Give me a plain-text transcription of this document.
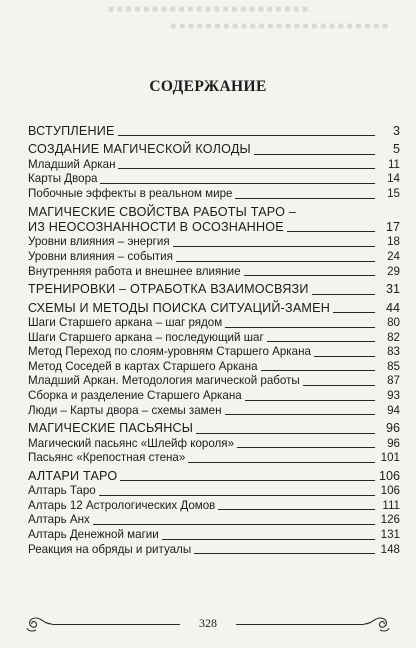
■ ■ ■ ■ ■ ■ ■ ■ ■ ■ ■ ■ ■ ■ ■ ■ ■ ■ ■ ■ ■ ■ ■
■ ■ ■ ■ ■ ■ ■ ■ ■ ■ ■ ■ ■ ■ ■ ■ ■ ■ ■ ■ ■ ■ ■ ■ ■
СОДЕРЖАНИЕ
ВСТУПЛЕНИЕ	3
СОЗДАНИЕ МАГИЧЕСКОЙ КОЛОДЫ	5
Младший Аркан	11
Карты Двора	14
Побочные эффекты в реальном мире	15
МАГИЧЕСКИЕ СВОЙСТВА РАБОТЫ ТАРО –
ИЗ НЕОСОЗНАННОСТИ В ОСОЗНАННОЕ	17
Уровни влияния – энергия	18
Уровни влияния – события	24
Внутренняя работа и внешнее влияние	29
ТРЕНИРОВКИ – ОТРАБОТКА ВЗАИМОСВЯЗИ	31
СХЕМЫ И МЕТОДЫ ПОИСКА СИТУАЦИЙ-ЗАМЕН	44
Шаги Старшего аркана – шаг рядом	80
Шаги Старшего аркана – последующий шаг	82
Метод Переход по слоям-уровням Старшего Аркана	83
Метод Соседей в картах Старшего Аркана	85
Младший Аркан. Методология магической работы	87
Сборка и разделение Старшего Аркана	93
Люди – Карты двора – схемы замен	94
МАГИЧЕСКИЕ ПАСЬЯНСЫ	96
Магический пасьянс «Шлейф короля»	96
Пасьянс «Крепостная стена»	101
АЛТАРИ ТАРО	106
Алтарь Таро	106
Алтарь 12 Астрологических Домов	111
Алтарь Анх	126
Алтарь Денежной магии	131
Реакция на обряды и ритуалы	148
328
